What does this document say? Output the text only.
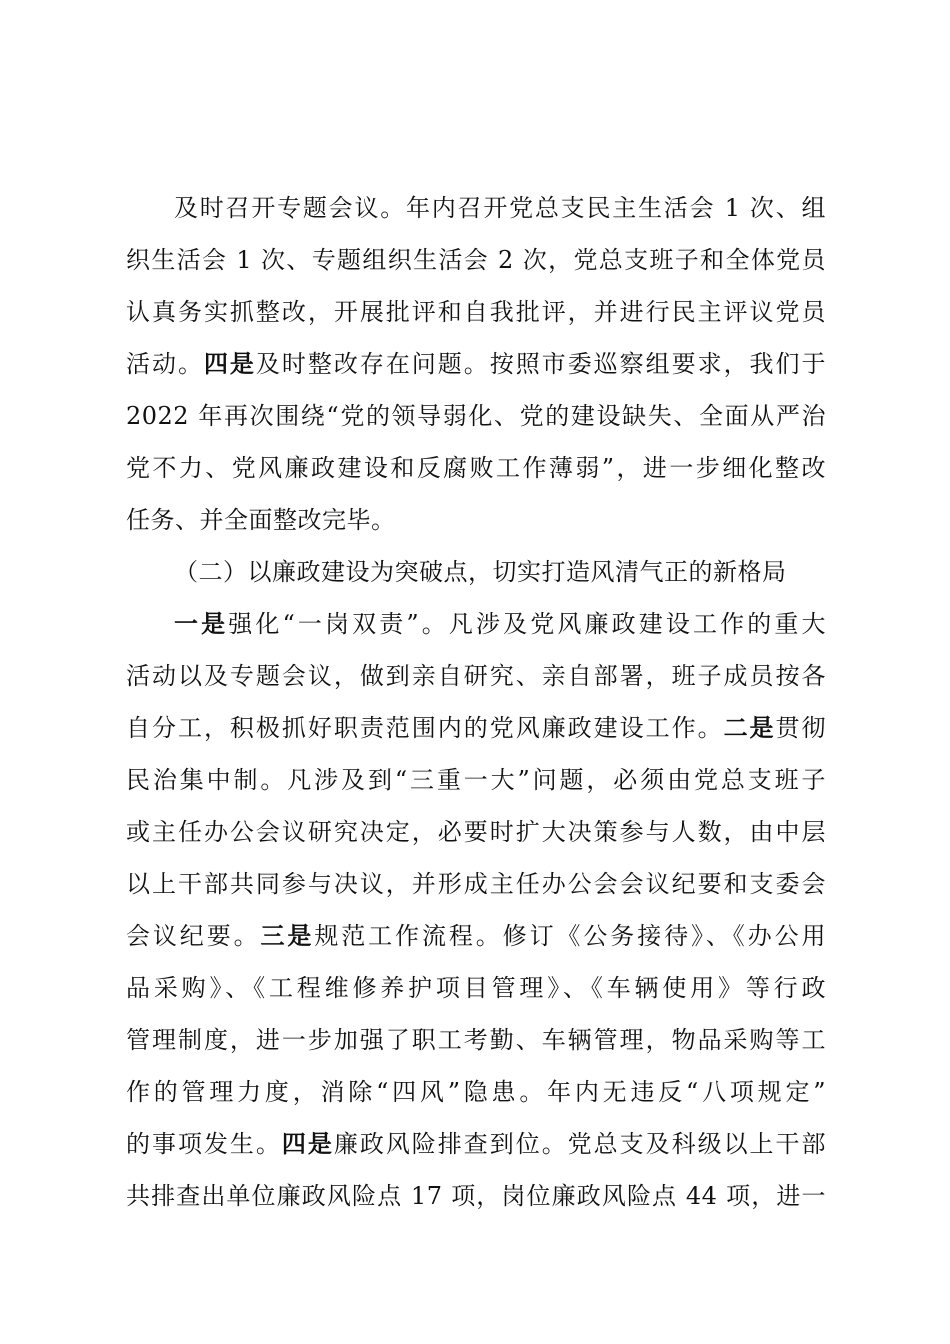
及时召开专题会议。年内召开党总支民主生活会 1 次、组
织生活会 1 次、专题组织生活会 2 次，党总支班子和全体党员
认真务实抓整改，开展批评和自我批评，并进行民主评议党员
活动。四是及时整改存在问题。按照市委巡察组要求，我们于
2022 年再次围绕“党的领导弱化、党的建设缺失、全面从严治
党不力、党风廉政建设和反腐败工作薄弱”，进一步细化整改
任务、并全面整改完毕。
（二）以廉政建设为突破点，切实打造风清气正的新格局
一是强化“一岗双责”。凡涉及党风廉政建设工作的重大
活动以及专题会议，做到亲自研究、亲自部署，班子成员按各
自分工，积极抓好职责范围内的党风廉政建设工作。二是贯彻
民治集中制。凡涉及到“三重一大”问题，必须由党总支班子
或主任办公会议研究决定，必要时扩大决策参与人数，由中层
以上干部共同参与决议，并形成主任办公会会议纪要和支委会
会议纪要。三是规范工作流程。修订《公务接待》、《办公用
品采购》、《工程维修养护项目管理》、《车辆使用》等行政
管理制度，进一步加强了职工考勤、车辆管理，物品采购等工
作的管理力度，消除“四风”隐患。年内无违反“八项规定”
的事项发生。四是廉政风险排查到位。党总支及科级以上干部
共排查出单位廉政风险点 17 项，岗位廉政风险点 44 项，进一
